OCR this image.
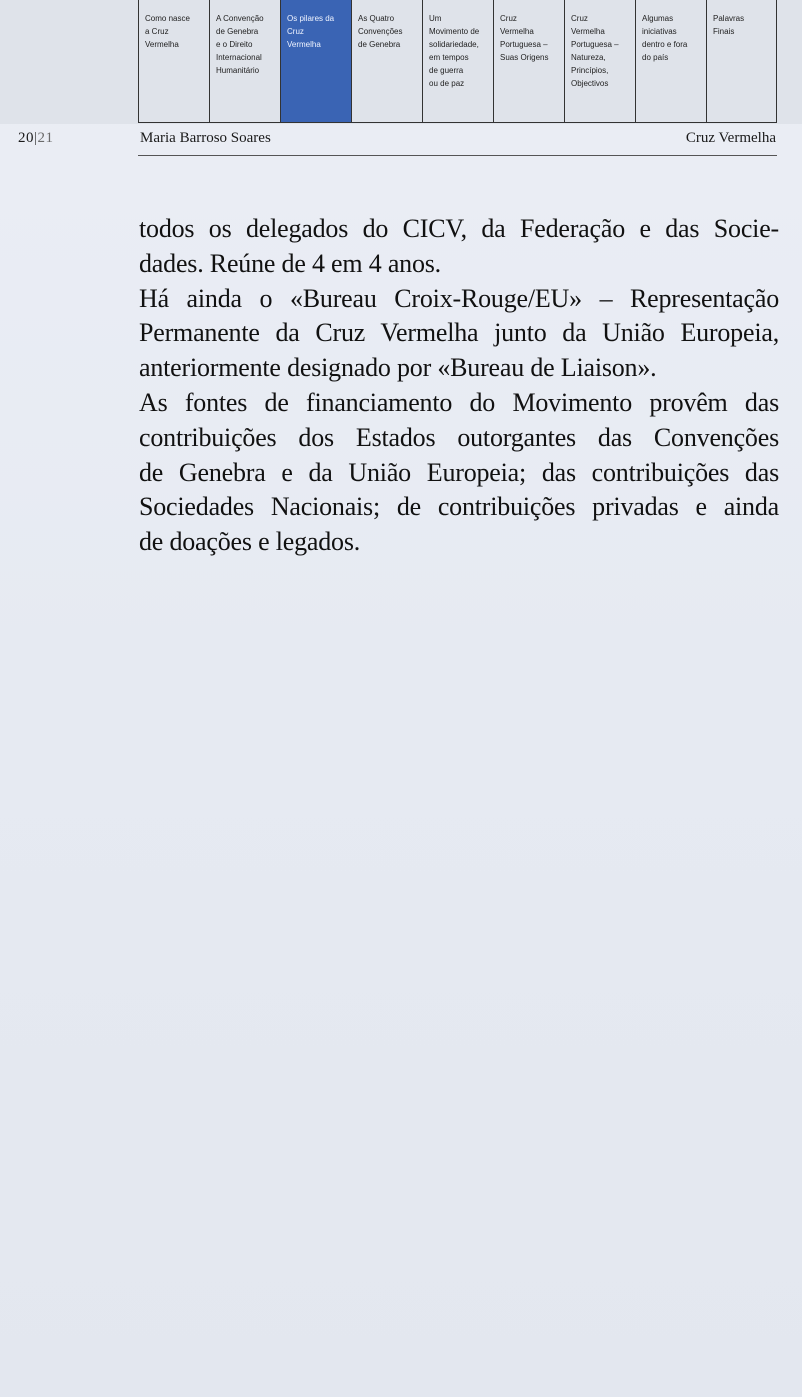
Como nasce
a Cruz
Vermelha
A Convenção
de Genebra
e o Direito
Internacional
Humanitário
Os pilares da
Cruz
Vermelha
As Quatro
Convenções
de Genebra
Um
Movimento de
solidariedade,
em tempos
de guerra
ou de paz
Cruz
Vermelha
Portuguesa –
Suas Origens
Cruz
Vermelha
Portuguesa –
Natureza,
Princípios,
Objectivos
Algumas
iniciativas
dentro e fora
do país
Palavras
Finais
20|21	Maria Barroso Soares	Cruz Vermelha

todos os delegados do CICV, da Federação e das Socie-
dades. Reúne de 4 em 4 anos.
Há ainda o «Bureau Croix-Rouge/EU» – Representação
Permanente da Cruz Vermelha junto da União Europeia,
anteriormente designado por «Bureau de Liaison».
As fontes de financiamento do Movimento provêm das
contribuições dos Estados outorgantes das Convenções
de Genebra e da União Europeia; das contribuições das
Sociedades Nacionais; de contribuições privadas e ainda
de doações e legados.
